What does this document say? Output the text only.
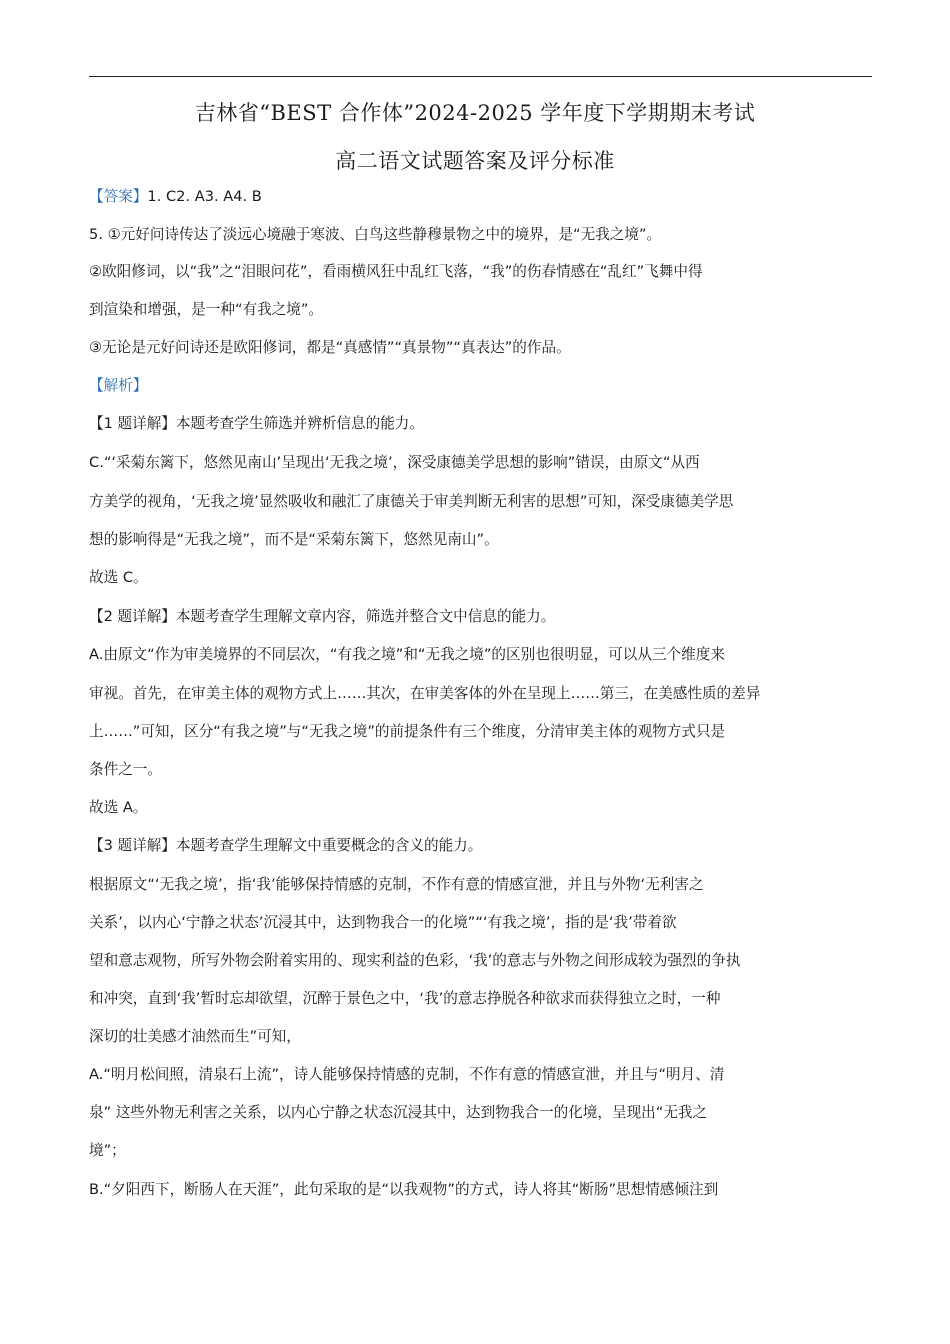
吉林省“BEST 合作体”2024-2025 学年度下学期期末考试
高二语文试题答案及评分标准
【答案】1. C2. A3. A4. B
5. ①元好问诗传达了淡远心境融于寒波、白鸟这些静穆景物之中的境界，是“无我之境”。
②欧阳修词，以“我”之“泪眼问花”，看雨横风狂中乱红飞落，“我”的伤春情感在“乱红”飞舞中得
到渲染和增强，是一种“有我之境”。
③无论是元好问诗还是欧阳修词，都是“真感情”“真景物”“真表达”的作品。
【解析】
【1 题详解】本题考查学生筛选并辨析信息的能力。
C.“‘采菊东篱下，悠然见南山’呈现出‘无我之境’，深受康德美学思想的影响”错误，由原文“从西
方美学的视角，‘无我之境’显然吸收和融汇了康德关于审美判断无利害的思想”可知，深受康德美学思
想的影响得是“无我之境”，而不是“采菊东篱下，悠然见南山”。
故选 C。
【2 题详解】本题考查学生理解文章内容，筛选并整合文中信息的能力。
A.由原文“作为审美境界的不同层次，“有我之境”和“无我之境”的区别也很明显，可以从三个维度来
审视。首先，在审美主体的观物方式上……其次，在审美客体的外在呈现上……第三，在美感性质的差异
上……”可知，区分“有我之境”与“无我之境”的前提条件有三个维度，分清审美主体的观物方式只是
条件之一。
故选 A。
【3 题详解】本题考查学生理解文中重要概念的含义的能力。
根据原文“‘无我之境’，指‘我’能够保持情感的克制，不作有意的情感宣泄，并且与外物‘无利害之
关系’，以内心‘宁静之状态’沉浸其中，达到物我合一的化境”“‘有我之境’，指的是‘我’带着欲
望和意志观物，所写外物会附着实用的、现实利益的色彩，‘我’的意志与外物之间形成较为强烈的争执
和冲突，直到‘我’暂时忘却欲望，沉醉于景色之中，‘我’的意志挣脱各种欲求而获得独立之时，一种
深切的壮美感才油然而生”可知，
A.“明月松间照，清泉石上流”，诗人能够保持情感的克制，不作有意的情感宣泄，并且与“明月、清
泉” 这些外物无利害之关系，以内心宁静之状态沉浸其中，达到物我合一的化境，呈现出“无我之
境”；
B.“夕阳西下，断肠人在天涯”，此句采取的是“以我观物”的方式，诗人将其“断肠”思想情感倾注到
